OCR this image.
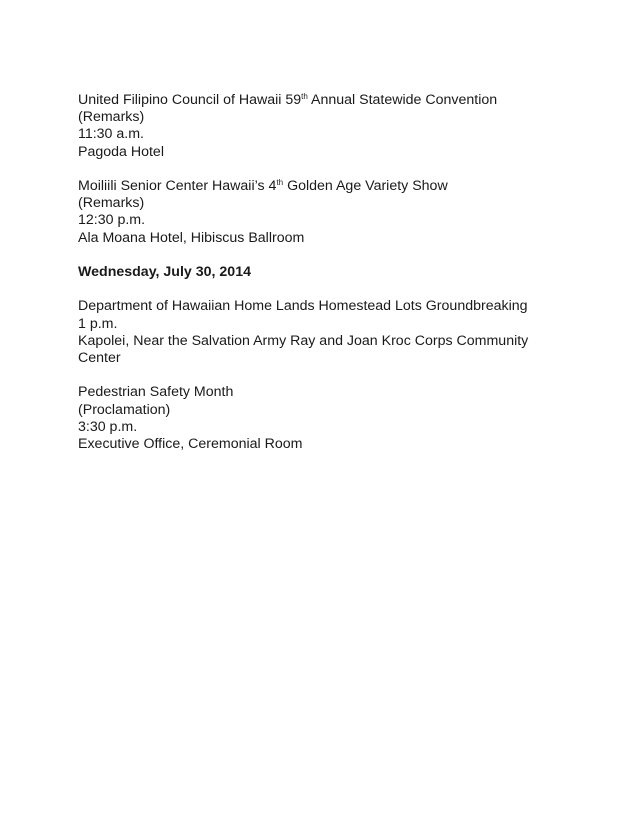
United Filipino Council of Hawaii 59th Annual Statewide Convention
(Remarks)
11:30 a.m.
Pagoda Hotel
Moiliili Senior Center Hawaii’s 4th Golden Age Variety Show
(Remarks)
12:30 p.m.
Ala Moana Hotel, Hibiscus Ballroom
Wednesday, July 30, 2014
Department of Hawaiian Home Lands Homestead Lots Groundbreaking
1 p.m.
Kapolei, Near the Salvation Army Ray and Joan Kroc Corps Community Center
Pedestrian Safety Month
(Proclamation)
3:30 p.m.
Executive Office, Ceremonial Room
